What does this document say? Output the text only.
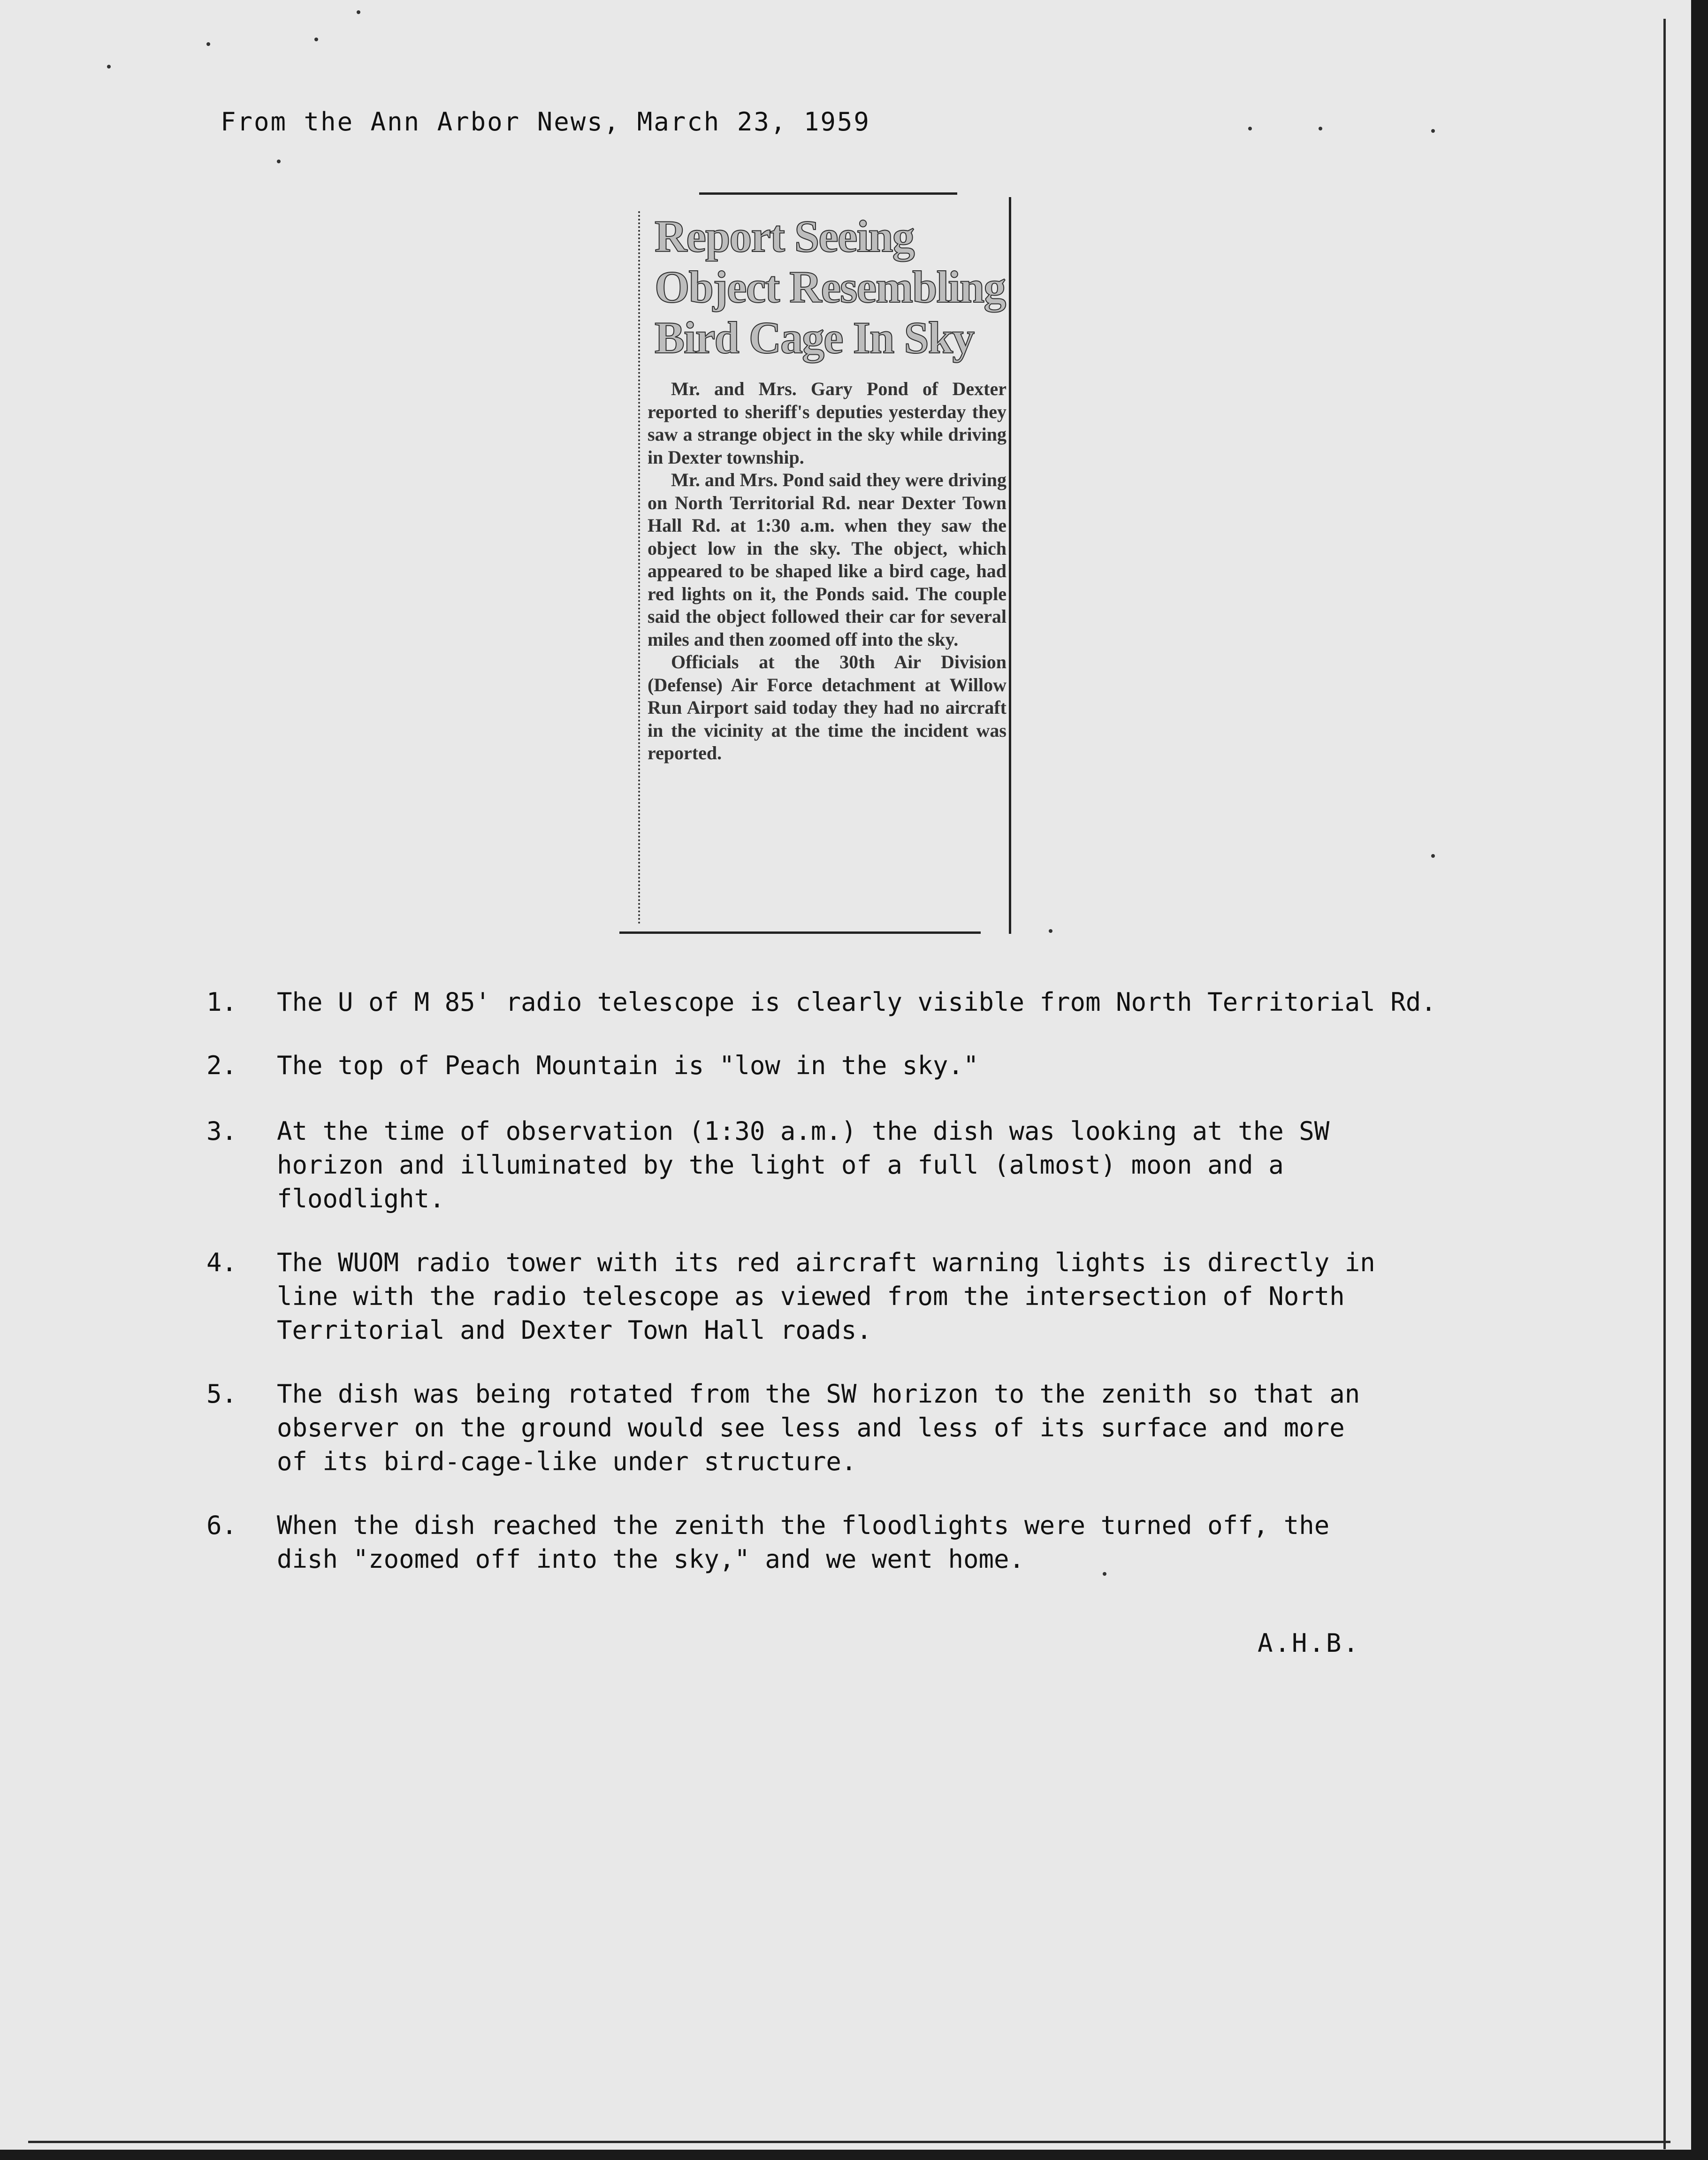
From the Ann Arbor News, March 23, 1959
Report Seeing Object Resembling Bird Cage In Sky

Mr. and Mrs. Gary Pond of Dexter reported to sheriff's deputies yesterday they saw a strange object in the sky while driving in Dexter township.

Mr. and Mrs. Pond said they were driving on North Territorial Rd. near Dexter Town Hall Rd. at 1:30 a.m. when they saw the object low in the sky. The object, which appeared to be shaped like a bird cage, had red lights on it, the Ponds said. The couple said the object followed their car for several miles and then zoomed off into the sky.

Officials at the 30th Air Division (Defense) Air Force detachment at Willow Run Airport said today they had no aircraft in the vicinity at the time the incident was reported.

1.	The U of M 85' radio telescope is clearly visible from North Territorial Rd.
2.	The top of Peach Mountain is "low in the sky."
3.	At the time of observation (1:30 a.m.) the dish was looking at the SW
horizon and illuminated by the light of a full (almost) moon and a
floodlight.
4.	The WUOM radio tower with its red aircraft warning lights is directly in
line with the radio telescope as viewed from the intersection of North
Territorial and Dexter Town Hall roads.
5.	The dish was being rotated from the SW horizon to the zenith so that an
observer on the ground would see less and less of its surface and more
of its bird-cage-like under structure.
6.	When the dish reached the zenith the floodlights were turned off, the
dish "zoomed off into the sky," and we went home.
A.H.B.
